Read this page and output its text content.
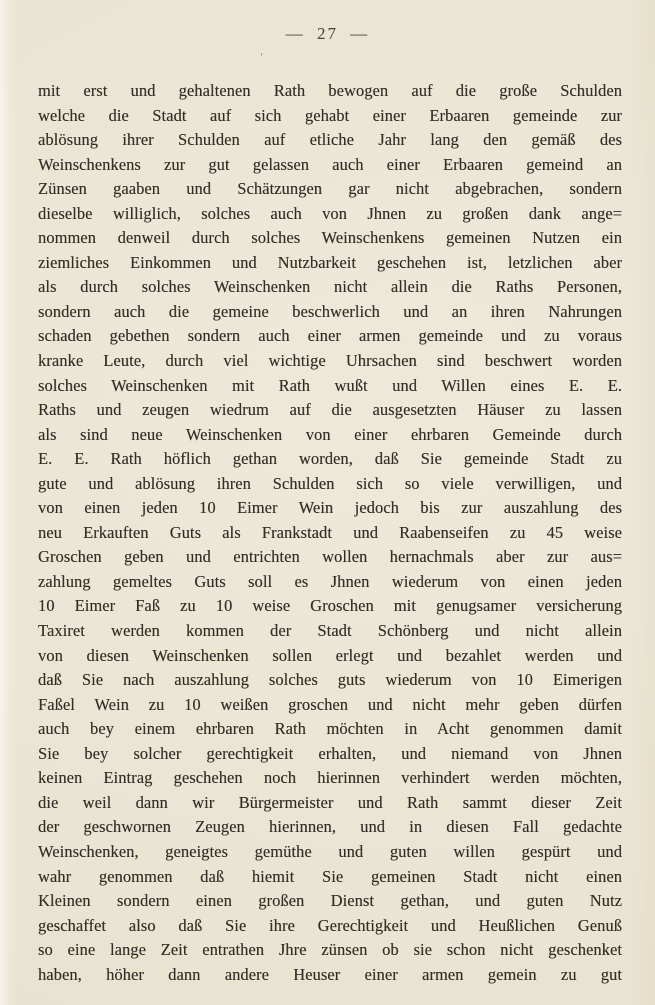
— 27 —
'
mit erst und gehaltenen Rath bewogen auf die große Schulden
welche die Stadt auf sich gehabt einer Erbaaren gemeinde zur
ablösung ihrer Schulden auf etliche Jahr lang den gemäß des
Weinschenkens zur gut gelassen auch einer Erbaaren gemeind an
Zünsen gaaben und Schätzungen gar nicht abgebrachen, sondern
dieselbe williglich, solches auch von Jhnen zu großen dank ange=
nommen denweil durch solches Weinschenkens gemeinen Nutzen ein
ziemliches Einkommen und Nutzbarkeit geschehen ist, letzlichen aber
als durch solches Weinschenken nicht allein die Raths Personen,
sondern auch die gemeine beschwerlich und an ihren Nahrungen
schaden gebethen sondern auch einer armen gemeinde und zu voraus
kranke Leute, durch viel wichtige Uhrsachen sind beschwert worden
solches Weinschenken mit Rath wußt und Willen eines E. E.
Raths und zeugen wiedrum auf die ausgesetzten Häuser zu lassen
als sind neue Weinschenken von einer ehrbaren Gemeinde durch
E. E. Rath höflich gethan worden, daß Sie gemeinde Stadt zu
gute und ablösung ihren Schulden sich so viele verwilligen, und
von einen jeden 10 Eimer Wein jedoch bis zur auszahlung des
neu Erkauften Guts als Frankstadt und Raabenseifen zu 45 weise
Groschen geben und entrichten wollen hernachmals aber zur aus=
zahlung gemeltes Guts soll es Jhnen wiederum von einen jeden
10 Eimer Faß zu 10 weise Groschen mit genugsamer versicherung
Taxiret werden kommen der Stadt Schönberg und nicht allein
von diesen Weinschenken sollen erlegt und bezahlet werden und
daß Sie nach auszahlung solches guts wiederum von 10 Eimerigen
Faßel Wein zu 10 weißen groschen und nicht mehr geben dürfen
auch bey einem ehrbaren Rath möchten in Acht genommen damit
Sie bey solcher gerechtigkeit erhalten, und niemand von Jhnen
keinen Eintrag geschehen noch hierinnen verhindert werden möchten,
die weil dann wir Bürgermeister und Rath sammt dieser Zeit
der geschwornen Zeugen hierinnen, und in diesen Fall gedachte
Weinschenken, geneigtes gemüthe und guten willen gespürt und
wahr genommen daß hiemit Sie gemeinen Stadt nicht einen
Kleinen sondern einen großen Dienst gethan, und guten Nutz
geschaffet also daß Sie ihre Gerechtigkeit und Heußlichen Genuß
so eine lange Zeit entrathen Jhre zünsen ob sie schon nicht geschenket
haben, höher dann andere Heuser einer armen gemein zu gut
